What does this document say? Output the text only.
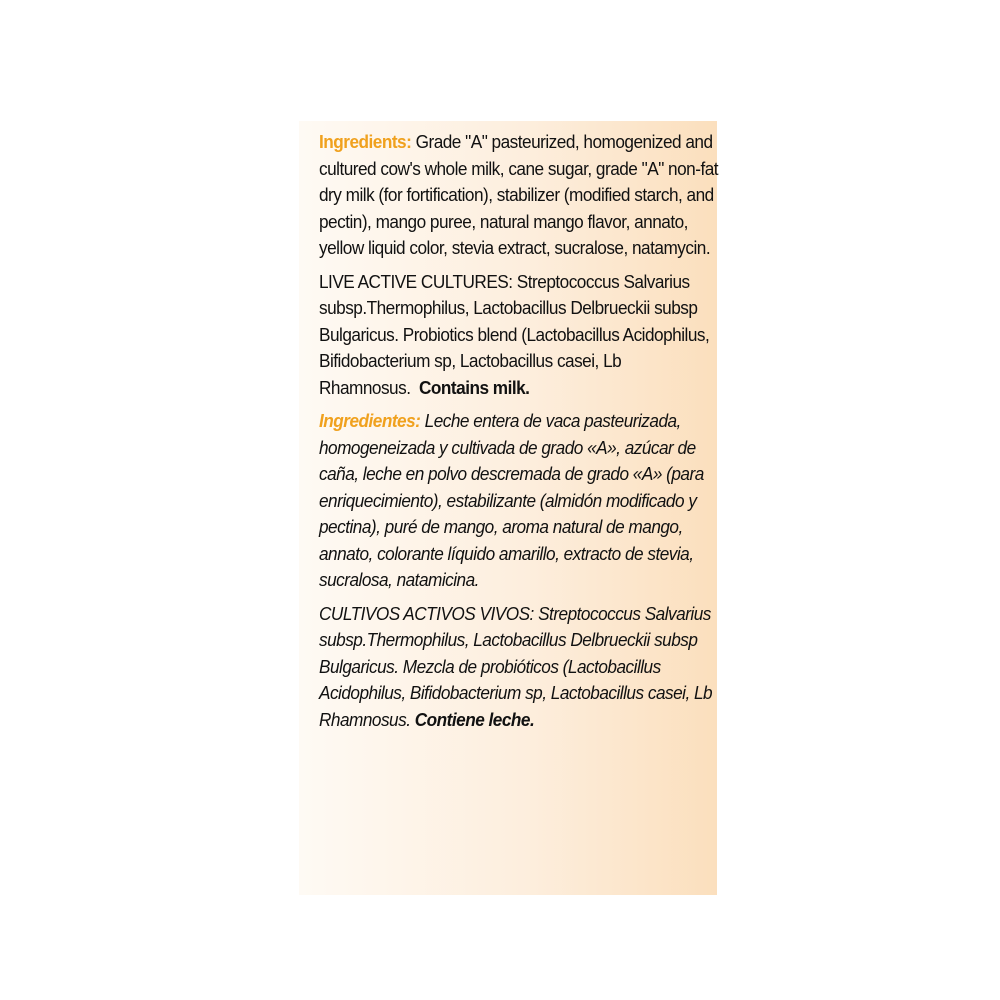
Ingredients: Grade "A" pasteurized, homogenized and cultured cow's whole milk, cane sugar, grade "A" non-fat dry milk (for fortification), stabilizer (modified starch, and pectin), mango puree, natural mango flavor, annato, yellow liquid color, stevia extract, sucralose, natamycin.

LIVE ACTIVE CULTURES: Streptococcus Salvarius subsp.Thermophilus, Lactobacillus Delbrueckii subsp Bulgaricus. Probiotics blend (Lactobacillus Acidophilus, Bifidobacterium sp, Lactobacillus casei, Lb Rhamnosus. Contains milk.

Ingredientes: Leche entera de vaca pasteurizada, homogeneizada y cultivada de grado «A», azúcar de caña, leche en polvo descremada de grado «A» (para enriquecimiento), estabilizante (almidón modificado y pectina), puré de mango, aroma natural de mango, annato, colorante líquido amarillo, extracto de stevia, sucralosa, natamicina.

CULTIVOS ACTIVOS VIVOS: Streptococcus Salvarius subsp.Thermophilus, Lactobacillus Delbrueckii subsp Bulgaricus. Mezcla de probióticos (Lactobacillus Acidophilus, Bifidobacterium sp, Lactobacillus casei, Lb Rhamnosus. Contiene leche.
